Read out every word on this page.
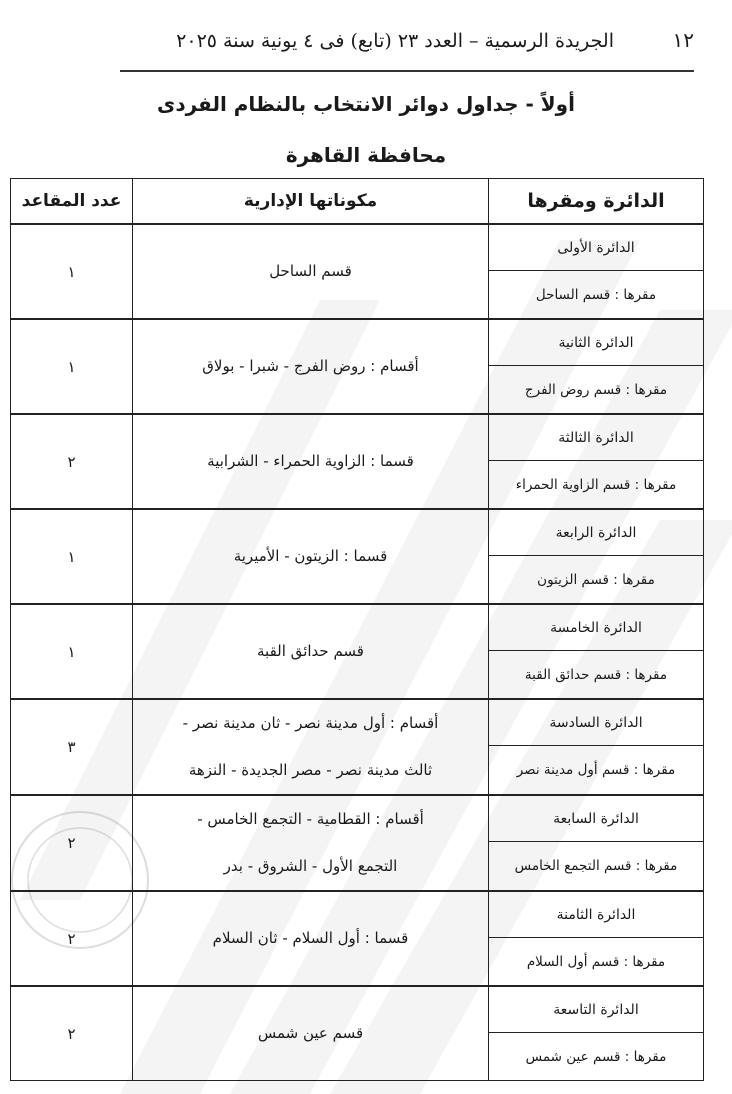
١٢
الجريدة الرسمية – العدد ٢٣ (تابع) فى ٤ يونية سنة ٢٠٢٥
أولاً - جداول دوائر الانتخاب بالنظام الفردى
محافظة القاهرة
الدائرة ومقرها	مكوناتها الإدارية	عدد المقاعد
الدائرة الأولى	قسم الساحل	١
مقرها : قسم الساحل		
الدائرة الثانية	أقسام : روض الفرج - شبرا - بولاق	١
مقرها : قسم روض الفرج		
الدائرة الثالثة	قسما : الزاوية الحمراء - الشرابية	٢
مقرها : قسم الزاوية الحمراء		
الدائرة الرابعة	قسما : الزيتون - الأميرية	١
مقرها : قسم الزيتون		
الدائرة الخامسة	قسم حدائق القبة	١
مقرها : قسم حدائق القبة		
الدائرة السادسة	أقسام : أول مدينة نصر - ثان مدينة نصر -
ثالث مدينة نصر - مصر الجديدة - النزهة	٣
مقرها : قسم أول مدينة نصر		
الدائرة السابعة	أقسام : القطامية - التجمع الخامس -
التجمع الأول - الشروق - بدر	٢
مقرها : قسم التجمع الخامس		
الدائرة الثامنة	قسما : أول السلام - ثان السلام	٢
مقرها : قسم أول السلام		
الدائرة التاسعة	قسم عين شمس	٢
مقرها : قسم عين شمس		
